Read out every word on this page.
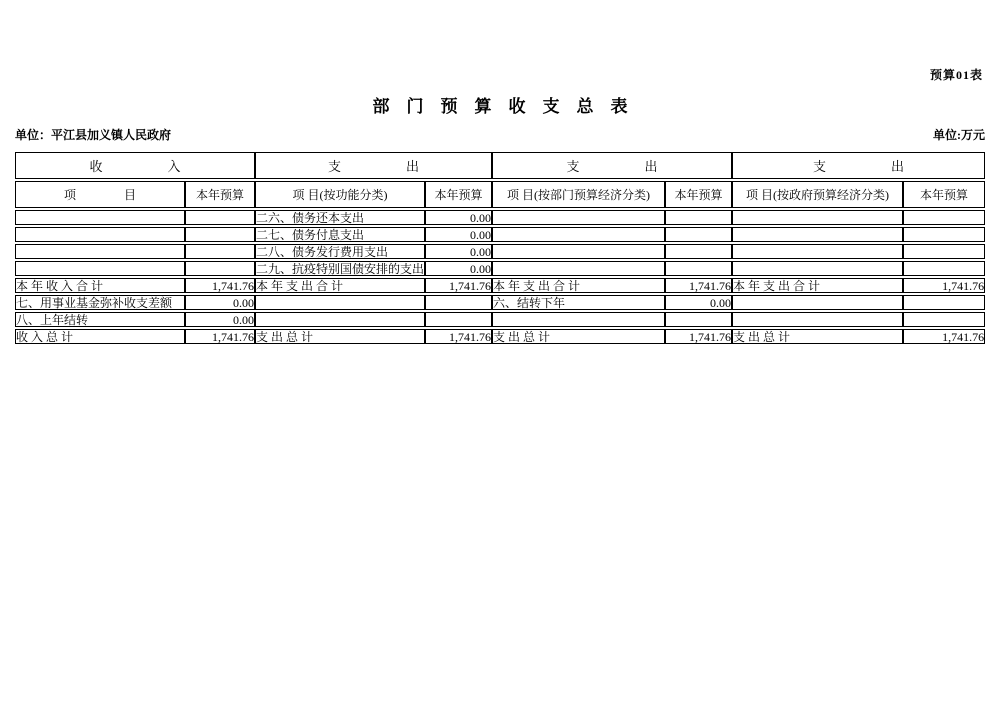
预算01表
部　门　预　算　收　支　总　表
单位：平江县加义镇人民政府	单位:万元
收　　　　　入		支　　　　　出		支　　　　　出		支　　　　　出	
项　　　　目	本年预算	项 目(按功能分类)	本年预算	项 目(按部门预算经济分类)	本年预算	项 目(按政府预算经济分类)	本年预算
		二六、债务还本支出	0.00				
		二七、债务付息支出	0.00				
		二八、债务发行费用支出	0.00				
		二九、抗疫特别国债安排的支出	0.00				
本 年 收 入 合 计	1,741.76	本 年 支 出 合 计	1,741.76	本 年 支 出 合 计	1,741.76	本 年 支 出 合 计	1,741.76
七、用事业基金弥补收支差额	0.00			六、结转下年	0.00		
八、上年结转	0.00						
收 入 总 计	1,741.76	支 出 总 计	1,741.76	支 出 总 计	1,741.76	支 出 总 计	1,741.76
